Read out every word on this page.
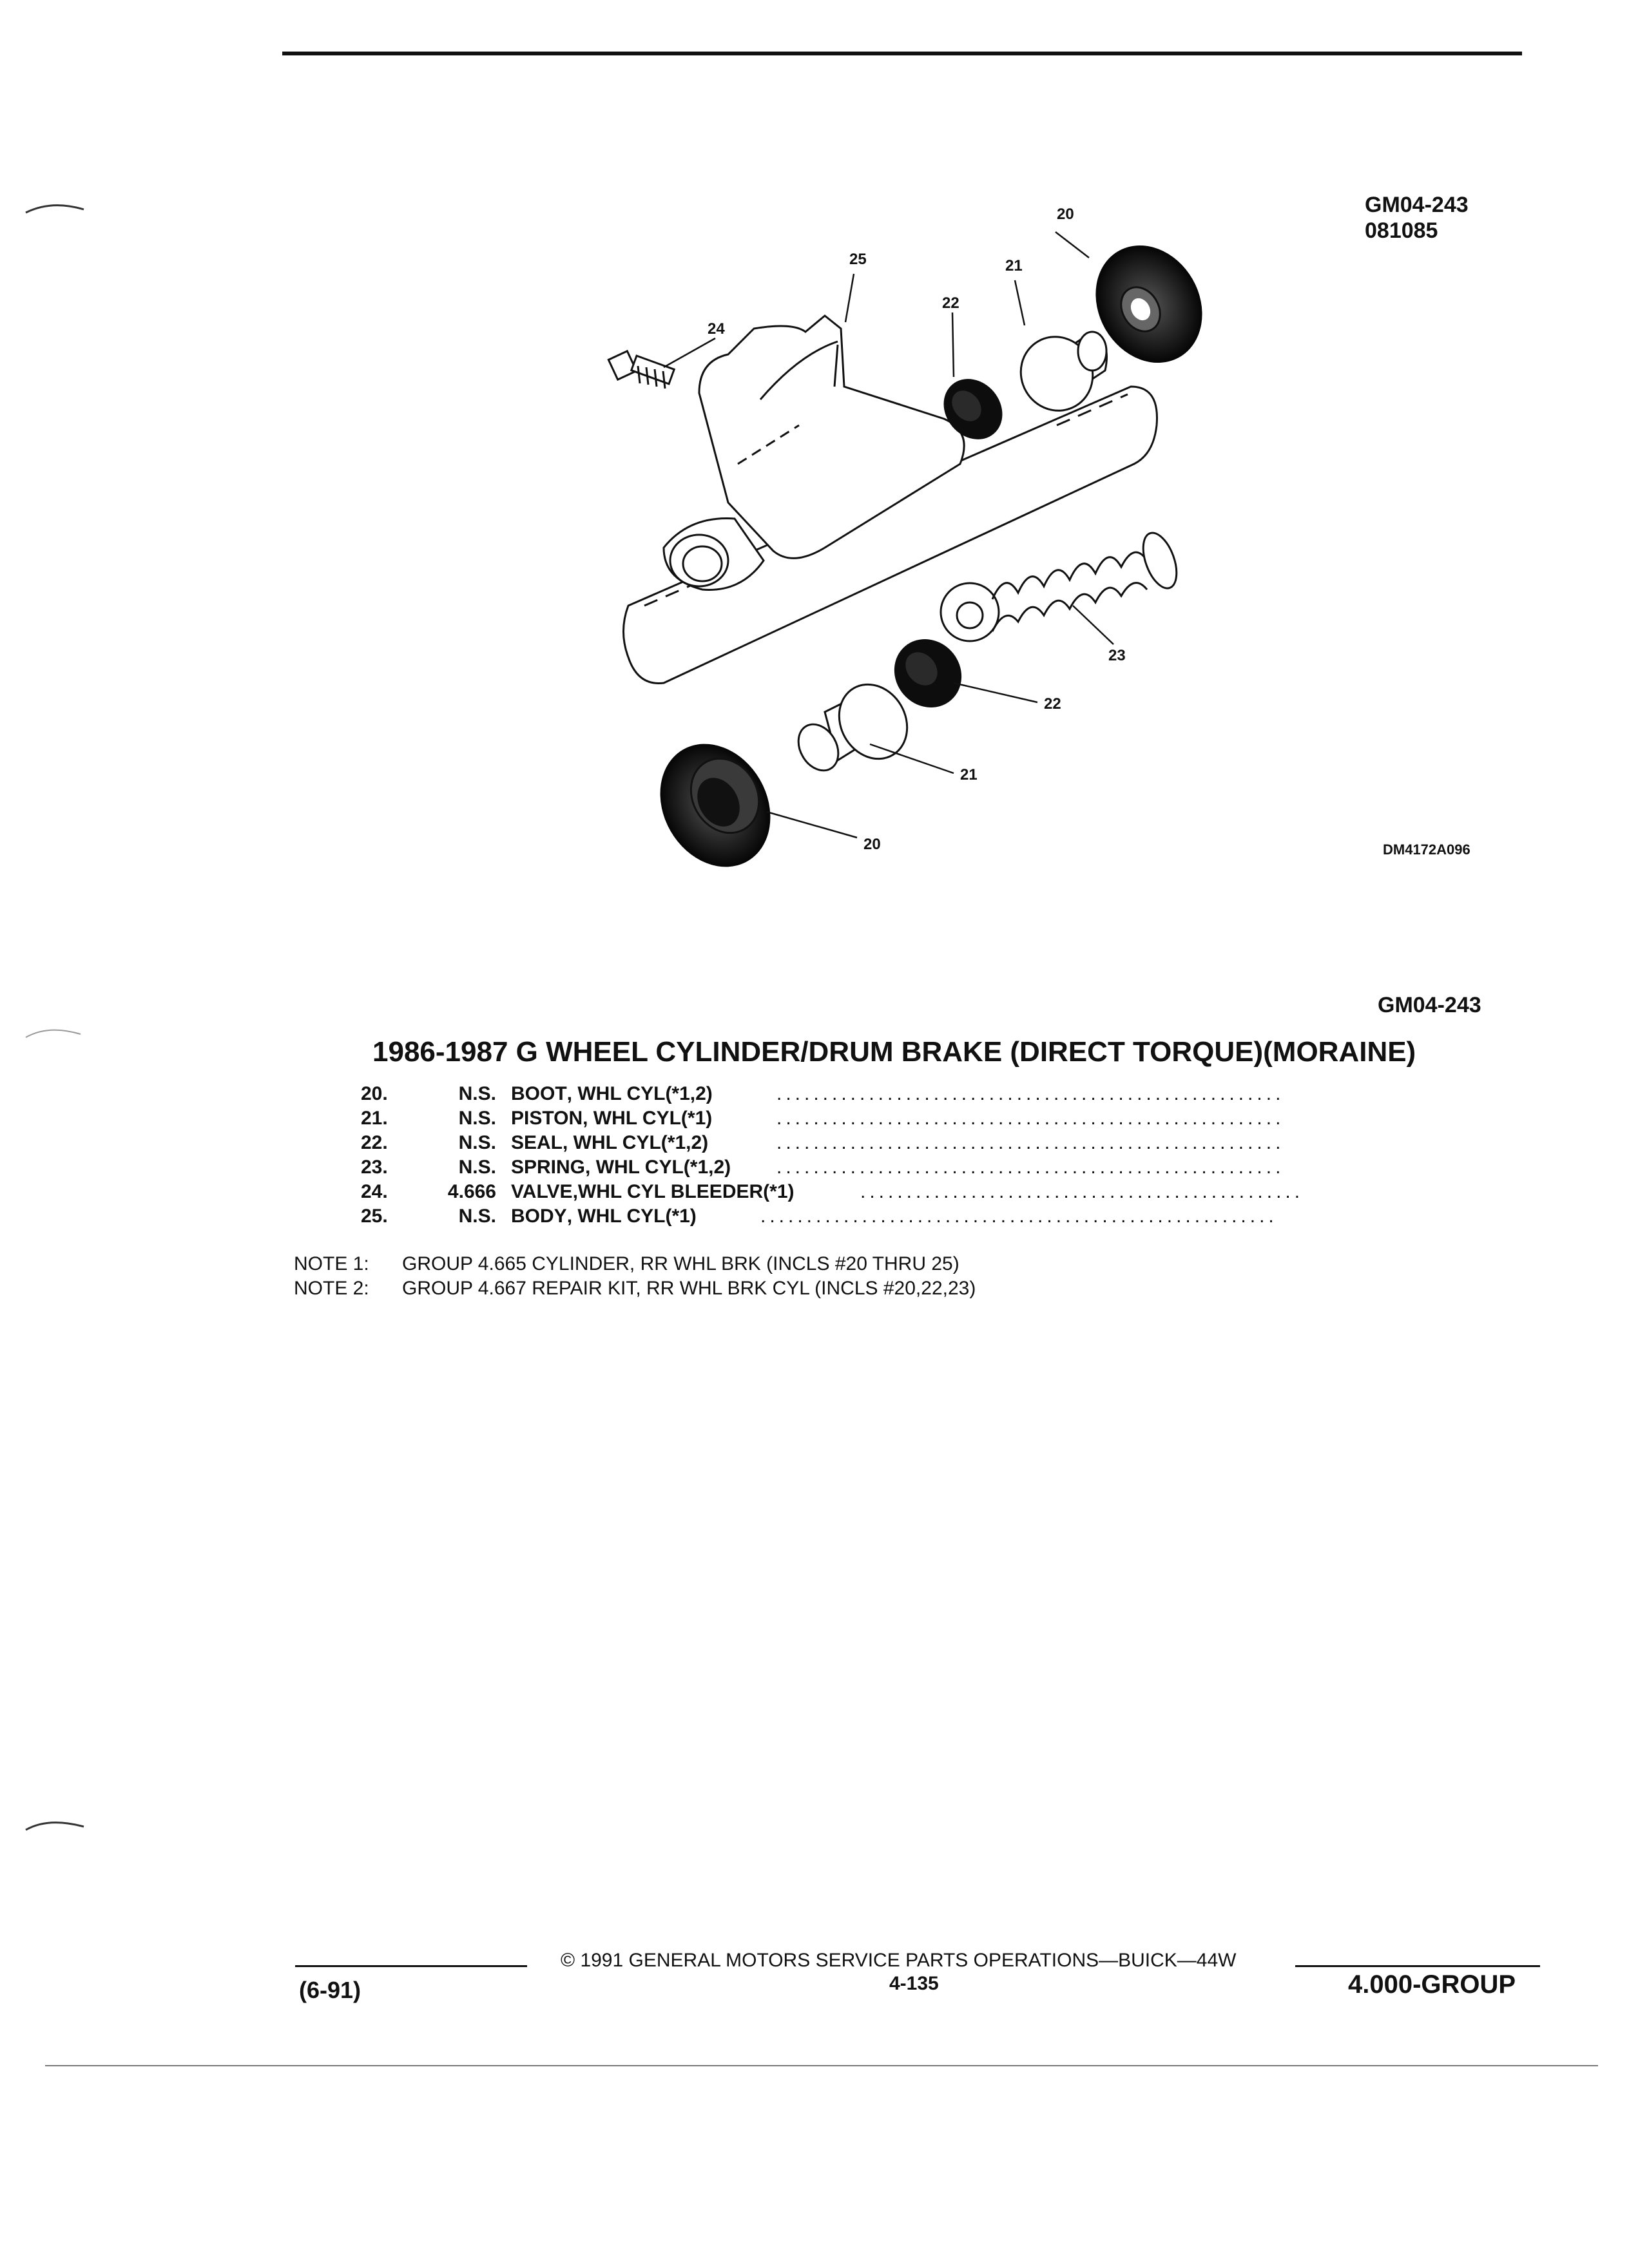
GM04-243
081085
20
25	21
22
24
23
22
21
20	DM4172A096
GM04-243
1986-1987 G WHEEL CYLINDER/DRUM BRAKE (DIRECT TORQUE)(MORAINE)
20.	N.S. BOOT, WHL CYL(*1,2)	.......................................................
21.	N.S. PISTON, WHL CYL(*1)	.......................................................
22.	N.S. SEAL, WHL CYL(*1,2)	.......................................................
23.	N.S. SPRING, WHL CYL(*1,2) .......................................................
24.	4.666 VALVE,WHL CYL BLEEDER(*1)	................................................
25.	N.S. BODY, WHL CYL(*1)	........................................................
NOTE 1: GROUP 4.665 CYLINDER, RR WHL BRK (INCLS #20 THRU 25)
NOTE 2: GROUP 4.667 REPAIR KIT, RR WHL BRK CYL (INCLS #20,22,23)
© 1991 GENERAL MOTORS SERVICE PARTS OPERATIONS—BUICK—44W
4-135
(6-91)	4.000-GROUP
